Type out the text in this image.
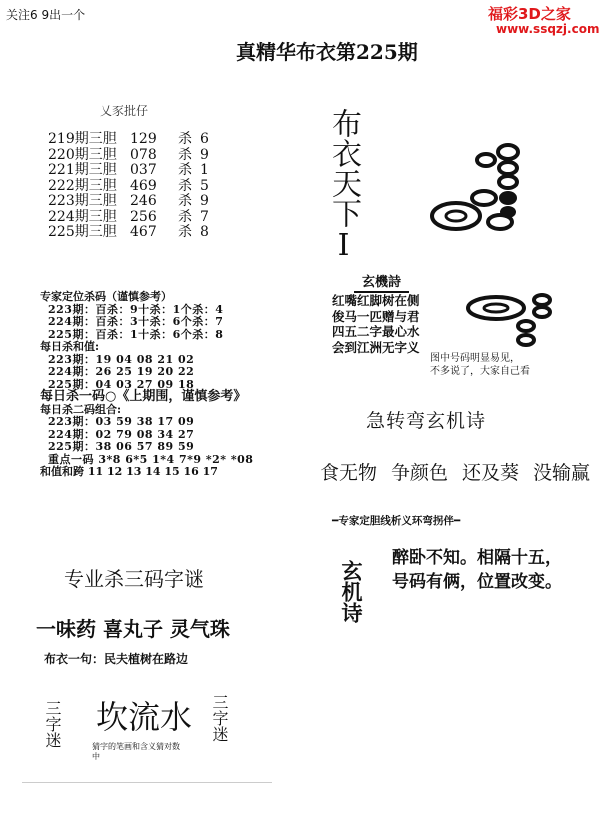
关注6 9出一个	福彩3D之家
www.ssqzj.com
真精华布衣第225期
乂豕批仔
219期三胆 129	杀 6
220期三胆 078	杀 9
221期三胆 037	杀 1
222期三胆 469	杀 5
223期三胆 246	杀 9
224期三胆 256	杀 7
225期三胆 467	杀 8
专家定位杀码（谨慎参考）
223期：百杀：9十杀：1个杀：4
224期：百杀：3十杀：6个杀：7
225期：百杀：1十杀：6个杀：8
每日杀和值:
223期：19 04 08 21 02
224期：26 25 19 20 22
225期：04 03 27 09 18
每日杀一码○《上期围，谨慎参考》
每日杀二码组合:
223期：03 59 38 17 09
224期：02 79 08 34 27
225期：38 06 57 89 59
重点一码 3*8 6*5 1*4 7*9 *2* *08
和值和跨 11 12 13 14 15 16 17
专业杀三码字谜
一味药 喜丸子 灵气珠
布衣一句：民夫植树在路边
三字迷 坎流水
猜字的笔画和含义猜对数中
三字迷
布衣天下Ⅰ
玄機詩
红嘴红脚树在侧
俊马一匹赠与君
四五二字最心水
会到江洲无字义
图中号码明显易见，
不多说了，大家自己看
急转弯玄机诗
食无物 争颜色 还及葵 没输赢
━专家定胆线析义环弯拐伴━
玄机诗
醉卧不知。相隔十五，
号码有俩，位置改变。
